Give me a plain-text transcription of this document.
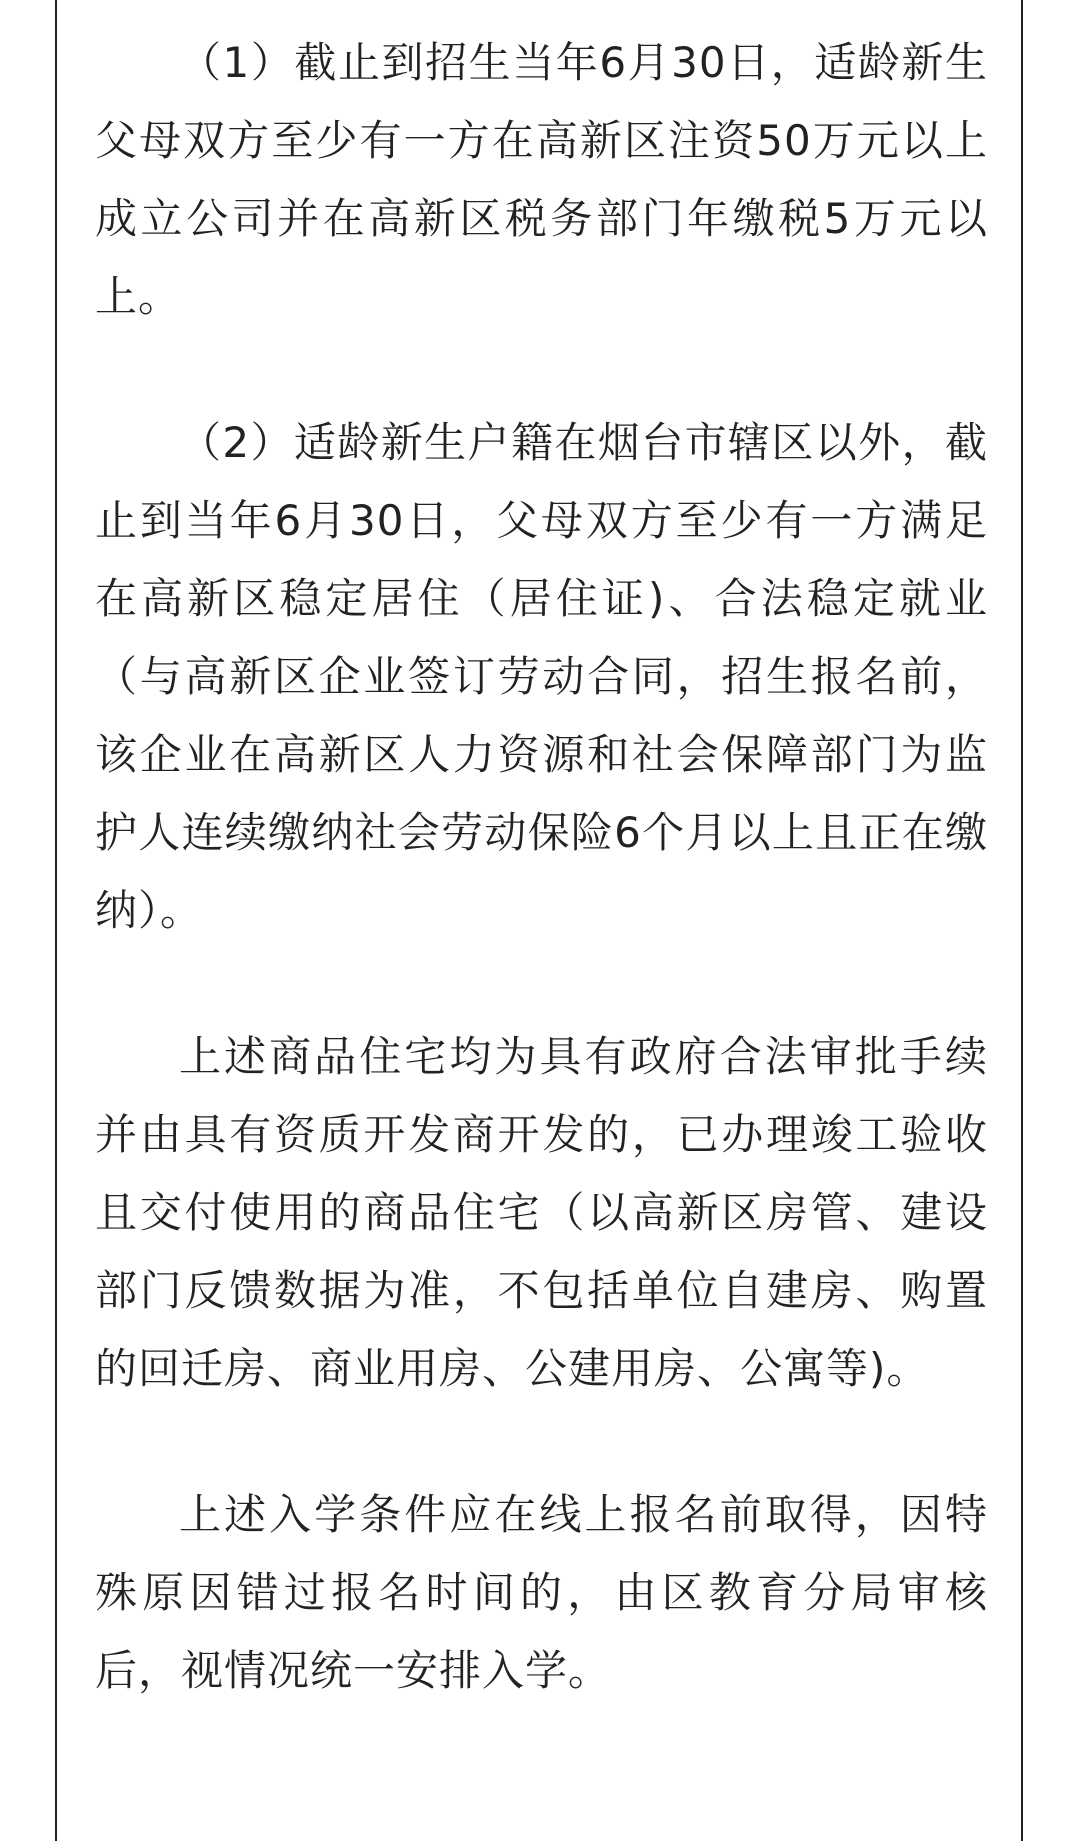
（1）截止到招生当年6月30日，适龄新生父母双方至少有一方在高新区注资50万元以上成立公司并在高新区税务部门年缴税5万元以上。

（2）适龄新生户籍在烟台市辖区以外，截止到当年6月30日，父母双方至少有一方满足在高新区稳定居住（居住证)、合法稳定就业（与高新区企业签订劳动合同，招生报名前，该企业在高新区人力资源和社会保障部门为监护人连续缴纳社会劳动保险6个月以上且正在缴纳）。

上述商品住宅均为具有政府合法审批手续并由具有资质开发商开发的，已办理竣工验收且交付使用的商品住宅（以高新区房管、建设部门反馈数据为准，不包括单位自建房、购置的回迁房、商业用房、公建用房、公寓等)。

上述入学条件应在线上报名前取得，因特殊原因错过报名时间的，由区教育分局审核后，视情况统一安排入学。
